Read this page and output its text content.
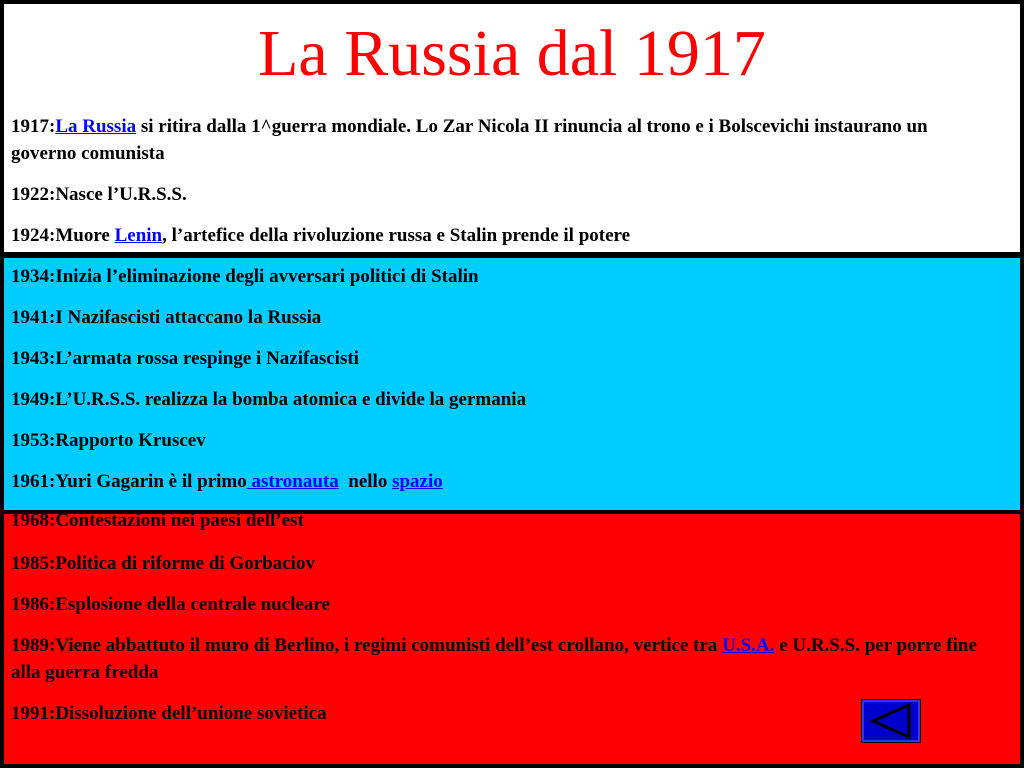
La Russia dal 1917
1917:La Russia si ritira dalla 1^guerra mondiale. Lo Zar Nicola II rinuncia al trono e i Bolscevichi instaurano un governo comunista
1922:Nasce l’U.R.S.S.
1924:Muore Lenin, l’artefice della rivoluzione russa e Stalin prende il potere
1934:Inizia l’eliminazione degli avversari politici di Stalin
1941:I Nazifascisti attaccano la Russia
1943:L’armata rossa respinge i Nazifascisti
1949:L’U.R.S.S. realizza la bomba atomica e divide la germania
1953:Rapporto Kruscev
1961:Yuri Gagarin è il primo astronauta  nello spazio
1968:Contestazioni nei paesi dell’est
1985:Politica di riforme di Gorbaciov
1986:Esplosione della centrale nucleare
1989:Viene abbattuto il muro di Berlino, i regimi comunisti dell’est crollano, vertice tra U.S.A. e U.R.S.S. per porre fine alla guerra fredda
1991:Dissoluzione dell’unione sovietica
